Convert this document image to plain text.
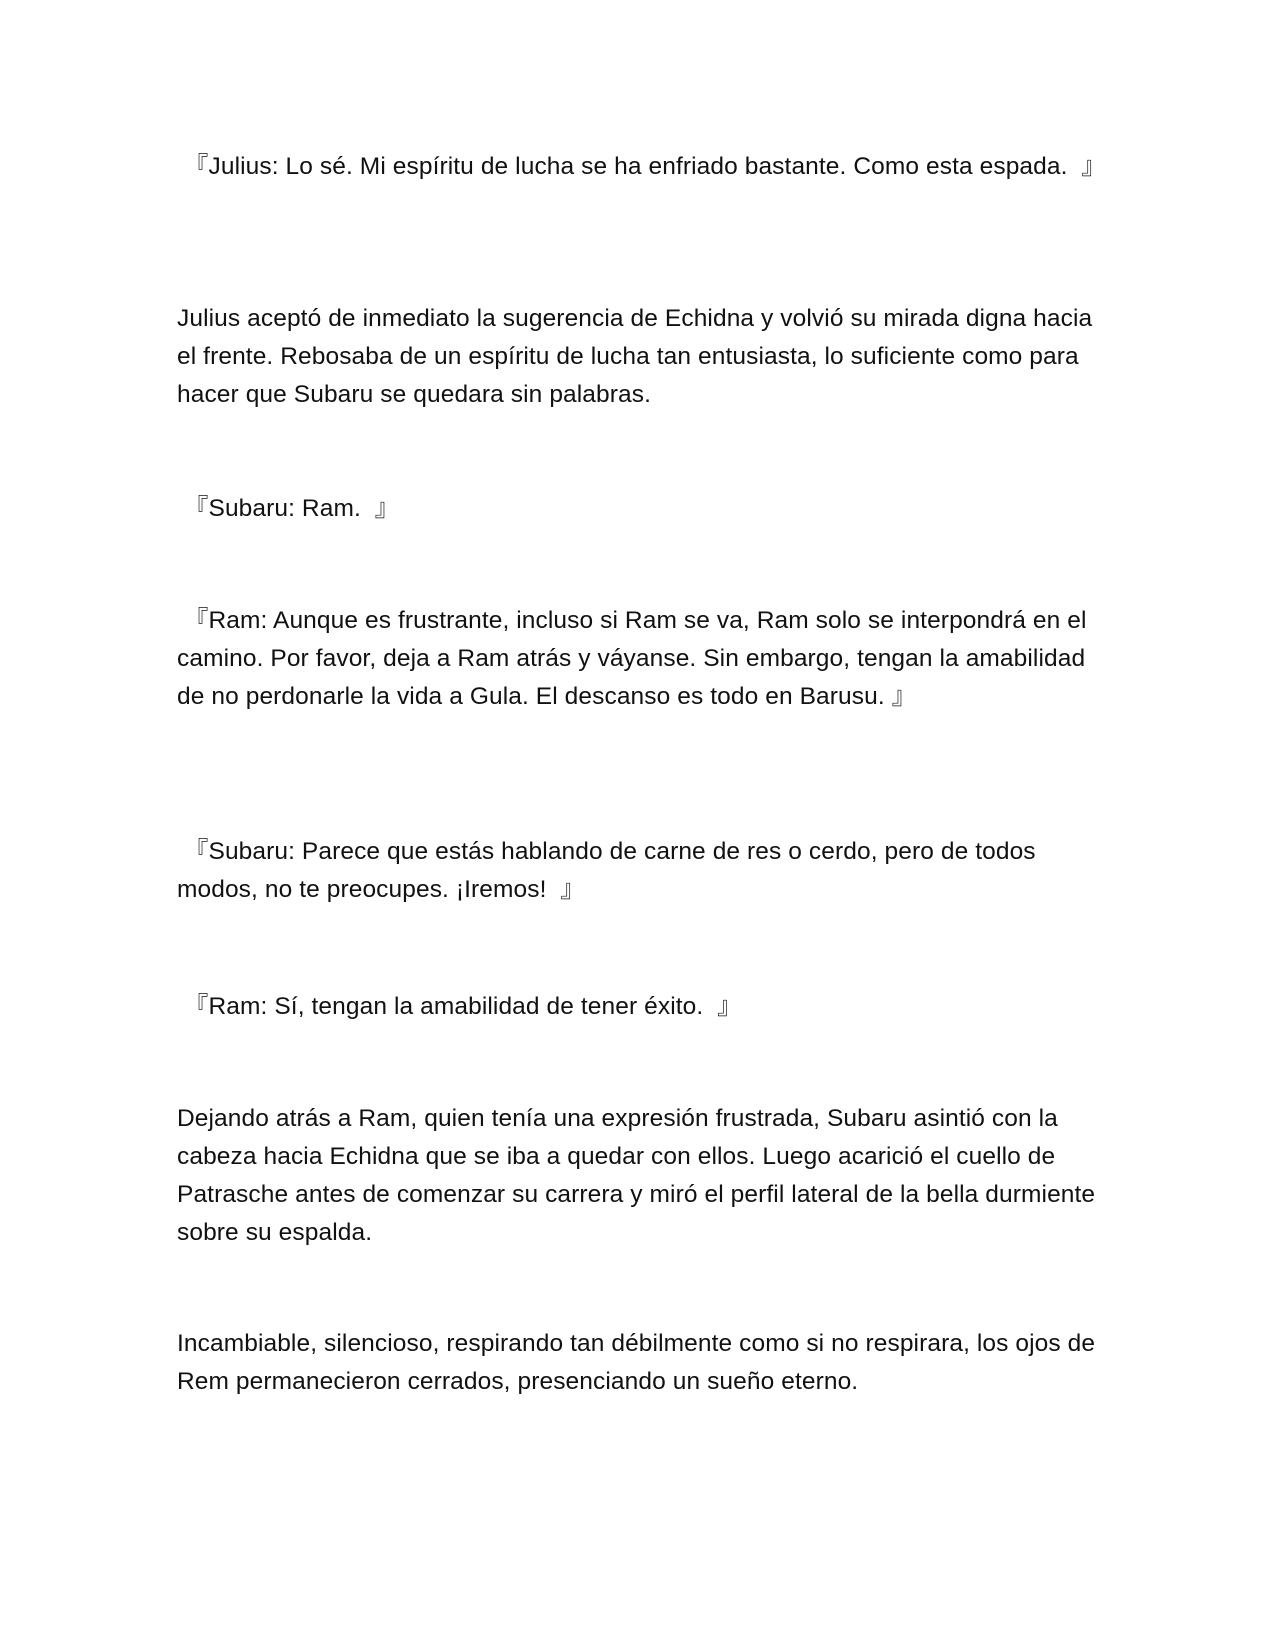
『Julius: Lo sé. Mi espíritu de lucha se ha enfriado bastante. Como esta espada.  』

Julius aceptó de inmediato la sugerencia de Echidna y volvió su mirada digna hacia el frente. Rebosaba de un espíritu de lucha tan entusiasta, lo suficiente como para hacer que Subaru se quedara sin palabras.

『Subaru: Ram.  』

『Ram: Aunque es frustrante, incluso si Ram se va, Ram solo se interpondrá en el camino. Por favor, deja a Ram atrás y váyanse. Sin embargo, tengan la amabilidad de no perdonarle la vida a Gula. El descanso es todo en Barusu. 』

『Subaru: Parece que estás hablando de carne de res o cerdo, pero de todos modos, no te preocupes. ¡Iremos!  』

『Ram: Sí, tengan la amabilidad de tener éxito.  』

Dejando atrás a Ram, quien tenía una expresión frustrada, Subaru asintió con la cabeza hacia Echidna que se iba a quedar con ellos. Luego acarició el cuello de Patrasche antes de comenzar su carrera y miró el perfil lateral de la bella durmiente sobre su espalda.

Incambiable, silencioso, respirando tan débilmente como si no respirara, los ojos de Rem permanecieron cerrados, presenciando un sueño eterno.
